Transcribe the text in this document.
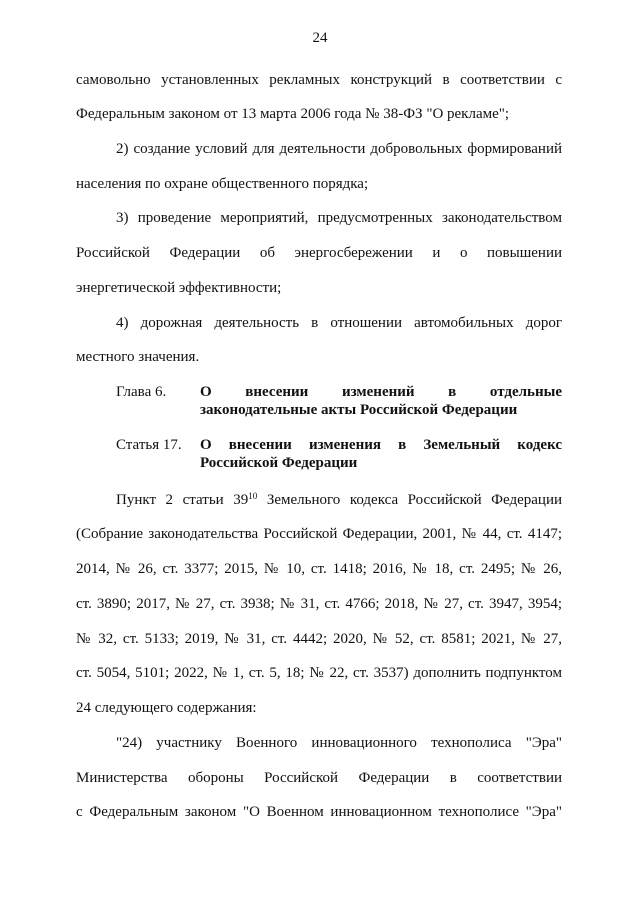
24
самовольно установленных рекламных конструкций в соответствии с
Федеральным законом от 13 марта 2006 года № 38-ФЗ "О рекламе";
2) создание условий для деятельности добровольных формирований
населения по охране общественного порядка;
3) проведение мероприятий, предусмотренных законодательством
Российской Федерации об энергосбережении и о повышении
энергетической эффективности;
4) дорожная деятельность в отношении автомобильных дорог
местного значения.
Глава 6. О внесении изменений в отдельные
законодательные акты Российской Федерации
Статья 17. О внесении изменения в Земельный кодекс
Российской Федерации
Пункт 2 статьи $39^{10}$ Земельного кодекса Российской Федерации
(Собрание законодательства Российской Федерации, 2001, № 44, ст. 4147;
2014, № 26, ст. 3377; 2015, № 10, ст. 1418; 2016, № 18, ст. 2495; № 26,
ст. 3890; 2017, № 27, ст. 3938; № 31, ст. 4766; 2018, № 27, ст. 3947, 3954;
№ 32, ст. 5133; 2019, № 31, ст. 4442; 2020, № 52, ст. 8581; 2021, № 27,
ст. 5054, 5101; 2022, № 1, ст. 5, 18; № 22, ст. 3537) дополнить подпунктом
24 следующего содержания:
"24) участнику Военного инновационного технополиса "Эра"
Министерства обороны Российской Федерации в соответствии
с Федеральным законом "О Военном инновационном технополисе "Эра"
